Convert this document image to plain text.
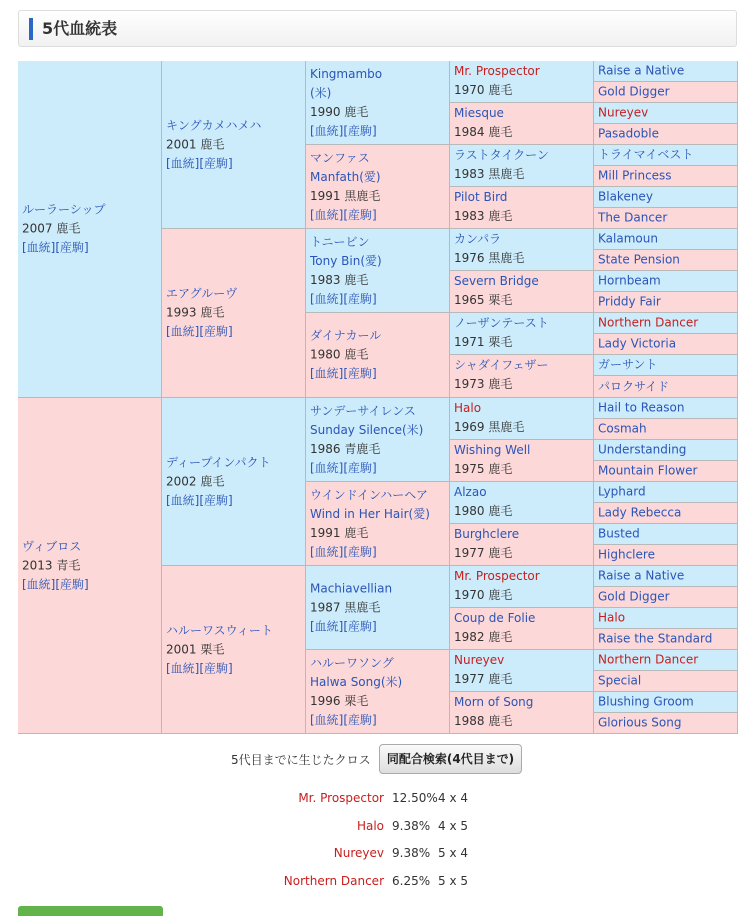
5代血統表
ルーラーシップ
2007 鹿毛
[血統][産駒]
ヴィブロス
2013 青毛
[血統][産駒]
キングカメハメハ
2001 鹿毛
[血統][産駒]
エアグルーヴ
1993 鹿毛
[血統][産駒]
ディープインパクト
2002 鹿毛
[血統][産駒]
ハルーワスウィート
2001 栗毛
[血統][産駒]
Kingmambo
(米)
1990 鹿毛
[血統][産駒]
マンファス
Manfath(愛)
1991 黒鹿毛
[血統][産駒]
トニービン
Tony Bin(愛)
1983 鹿毛
[血統][産駒]
ダイナカール
1980 鹿毛
[血統][産駒]
サンデーサイレンス
Sunday Silence(米)
1986 青鹿毛
[血統][産駒]
ウインドインハーヘア
Wind in Her Hair(愛)
1991 鹿毛
[血統][産駒]
Machiavellian
1987 黒鹿毛
[血統][産駒]
ハルーワソング
Halwa Song(米)
1996 栗毛
[血統][産駒]
Mr. Prospector
1970 鹿毛
Miesque
1984 鹿毛
ラストタイクーン
1983 黒鹿毛
Pilot Bird
1983 鹿毛
カンパラ
1976 黒鹿毛
Severn Bridge
1965 栗毛
ノーザンテースト
1971 栗毛
シャダイフェザー
1973 鹿毛
Halo
1969 黒鹿毛
Wishing Well
1975 鹿毛
Alzao
1980 鹿毛
Burghclere
1977 鹿毛
Mr. Prospector
1970 鹿毛
Coup de Folie
1982 鹿毛
Nureyev
1977 鹿毛
Morn of Song
1988 鹿毛
Raise a Native
Gold Digger
Nureyev
Pasadoble
トライマイベスト
Mill Princess
Blakeney
The Dancer
Kalamoun
State Pension
Hornbeam
Priddy Fair
Northern Dancer
Lady Victoria
ガーサント
パロクサイド
Hail to Reason
Cosmah
Understanding
Mountain Flower
Lyphard
Lady Rebecca
Busted
Highclere
Raise a Native
Gold Digger
Halo
Raise the Standard
Northern Dancer
Special
Blushing Groom
Glorious Song
5代目までに生じたクロス	同配合検索(4代目まで)
Mr. Prospector 12.50% 4 x 4
Halo 9.38% 4 x 5
Nureyev 9.38% 5 x 4
Northern Dancer 6.25% 5 x 5
